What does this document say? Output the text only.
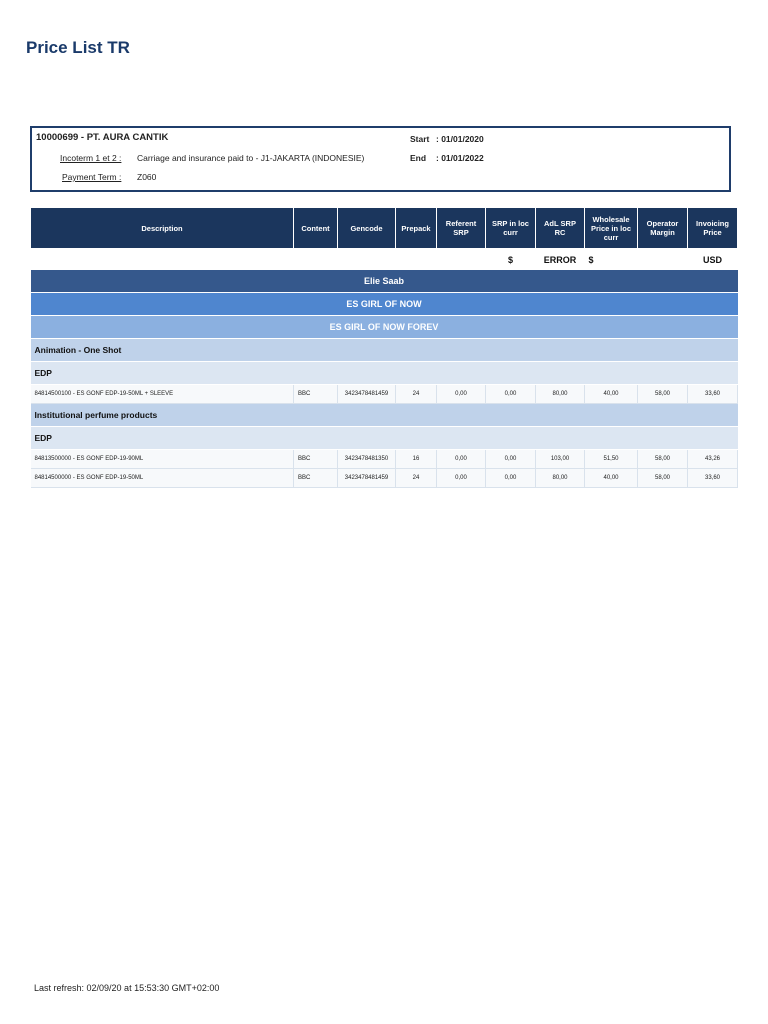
Price List TR
10000699 - PT. AURA CANTIK
Incoterm 1 et 2 : Carriage and insurance paid to - J1-JAKARTA (INDONESIE)
Payment Term : Z060
Start : 01/01/2020
End : 01/01/2022
Description	Content	Gencode	Prepack	Referent SRP	SRP in loc curr	AdL SRP RC	Wholesale Price in loc curr	Operator Margin	Invoicing Price
					$	ERROR	$		USD
Elie Saab									
ES GIRL OF NOW									
ES GIRL OF NOW FOREV									
Animation - One Shot									
EDP									
84814500100 - ES GONF EDP-19-50ML + SLEEVE	BBC	3423478481459	24	0,00	0,00	80,00	40,00	58,00	33,60
Institutional perfume products									
EDP									
84813500000 - ES GONF EDP-19-90ML	BBC	3423478481350	16	0,00	0,00	103,00	51,50	58,00	43,26
84814500000 - ES GONF EDP-19-50ML	BBC	3423478481459	24	0,00	0,00	80,00	40,00	58,00	33,60
Last refresh: 02/09/20 at 15:53:30 GMT+02:00
